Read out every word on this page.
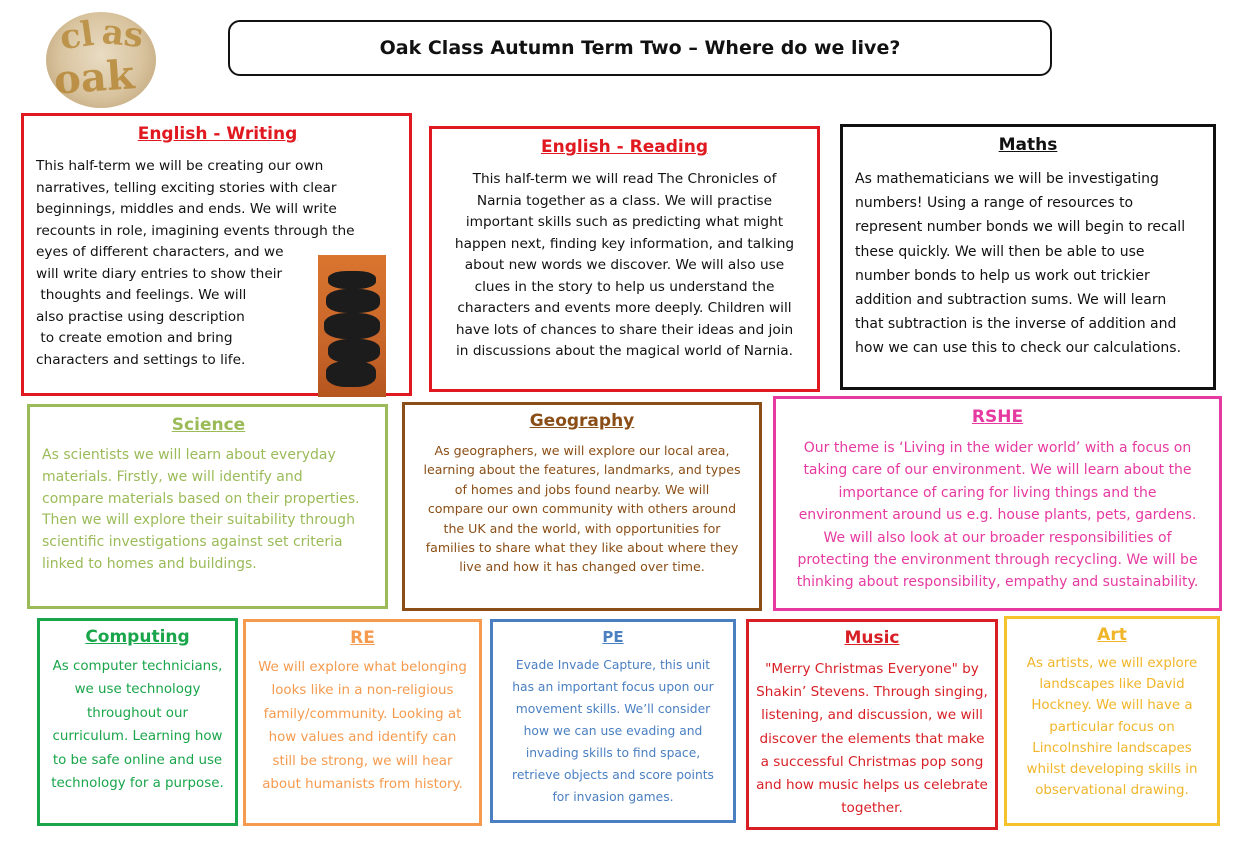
cl as
oak
Oak Class Autumn Term Two – Where do we live?

English - Writing

This half-term we will be creating our own
narratives, telling exciting stories with clear
beginnings, middles and ends. We will write
recounts in role, imagining events through the
eyes of different characters, and we
will write diary entries to show their
thoughts and feelings. We will
also practise using description
to create emotion and bring
characters and settings to life.

English - Reading

This half-term we will read The Chronicles of
Narnia together as a class. We will practise
important skills such as predicting what might
happen next, finding key information, and talking
about new words we discover. We will also use
clues in the story to help us understand the
characters and events more deeply. Children will
have lots of chances to share their ideas and join
in discussions about the magical world of Narnia.

Maths

As mathematicians we will be investigating
numbers! Using a range of resources to
represent number bonds we will begin to recall
these quickly. We will then be able to use
number bonds to help us work out trickier
addition and subtraction sums. We will learn
that subtraction is the inverse of addition and
how we can use this to check our calculations.

Science

As scientists we will learn about everyday
materials. Firstly, we will identify and
compare materials based on their properties.
Then we will explore their suitability through
scientific investigations against set criteria
linked to homes and buildings.

Geography

As geographers, we will explore our local area,
learning about the features, landmarks, and types
of homes and jobs found nearby. We will
compare our own community with others around
the UK and the world, with opportunities for
families to share what they like about where they
live and how it has changed over time.

RSHE

Our theme is ‘Living in the wider world’ with a focus on
taking care of our environment. We will learn about the
importance of caring for living things and the
environment around us e.g. house plants, pets, gardens.
We will also look at our broader responsibilities of
protecting the environment through recycling. We will be
thinking about responsibility, empathy and sustainability.

Computing

As computer technicians,
we use technology
throughout our
curriculum. Learning how
to be safe online and use
technology for a purpose.

RE

We will explore what belonging
looks like in a non-religious
family/community. Looking at
how values and identify can
still be strong, we will hear
about humanists from history.

PE

Evade Invade Capture, this unit
has an important focus upon our
movement skills. We’ll consider
how we can use evading and
invading skills to find space,
retrieve objects and score points
for invasion games.

Music

"Merry Christmas Everyone" by
Shakin’ Stevens. Through singing,
listening, and discussion, we will
discover the elements that make
a successful Christmas pop song
and how music helps us celebrate
together.

Art

As artists, we will explore
landscapes like David
Hockney. We will have a
particular focus on
Lincolnshire landscapes
whilst developing skills in
observational drawing.
